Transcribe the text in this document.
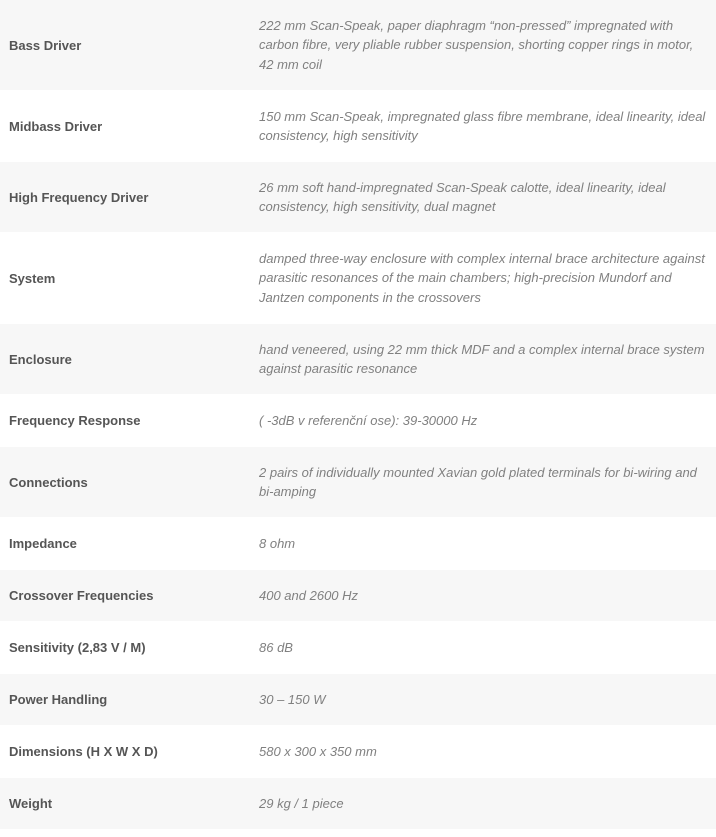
Bass Driver	222 mm Scan-Speak, paper diaphragm “non-pressed” impregnated with carbon fibre, very pliable rubber suspension, shorting copper rings in motor, 42 mm coil
Midbass Driver	150 mm Scan-Speak, impregnated glass fibre membrane, ideal linearity, ideal consistency, high sensitivity
High Frequency Driver	26 mm soft hand-impregnated Scan-Speak calotte, ideal linearity, ideal consistency, high sensitivity, dual magnet
System	damped three-way enclosure with complex internal brace architecture against parasitic resonances of the main chambers; high-precision Mundorf and Jantzen components in the crossovers
Enclosure	hand veneered, using 22 mm thick MDF and a complex internal brace system against parasitic resonance
Frequency Response	( -3dB v referenční ose): 39-30000 Hz
Connections	2 pairs of individually mounted Xavian gold plated terminals for bi-wiring and bi-amping
Impedance	8 ohm
Crossover Frequencies	400 and 2600 Hz
Sensitivity (2,83 V / M)	86 dB
Power Handling	30 – 150 W
Dimensions (H X W X D)	580 x 300 x 350 mm
Weight	29 kg / 1 piece
